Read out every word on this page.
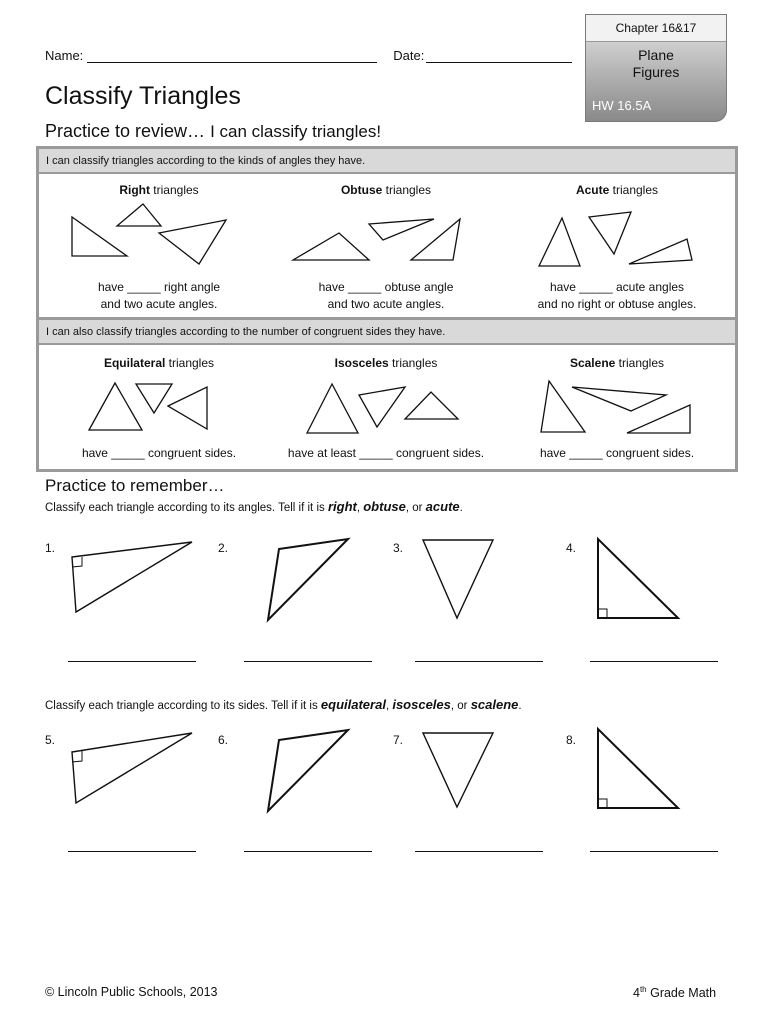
Name:	Date:
Classify Triangles
Practice to review… I can classify triangles!
Chapter 16&17
Plane
Figures
HW 16.5A
I can classify triangles according to the kinds of angles they have.
Right triangles	Obtuse triangles	Acute triangles
have _____ right angle
and two acute angles.
have _____ obtuse angle
and two acute angles.
have _____ acute angles
and no right or obtuse angles.
I can also classify triangles according to the number of congruent sides they have.
Equilateral triangles	Isosceles triangles	Scalene triangles
have _____ congruent sides.	have at least _____ congruent sides.	have _____ congruent sides.
Practice to remember…
Classify each triangle according to its angles. Tell if it is right, obtuse, or acute.
1.	2.	3.	4.
Classify each triangle according to its sides. Tell if it is equilateral, isosceles, or scalene.
5.	6.	7.	8.
© Lincoln Public Schools, 2013	4th Grade Math
